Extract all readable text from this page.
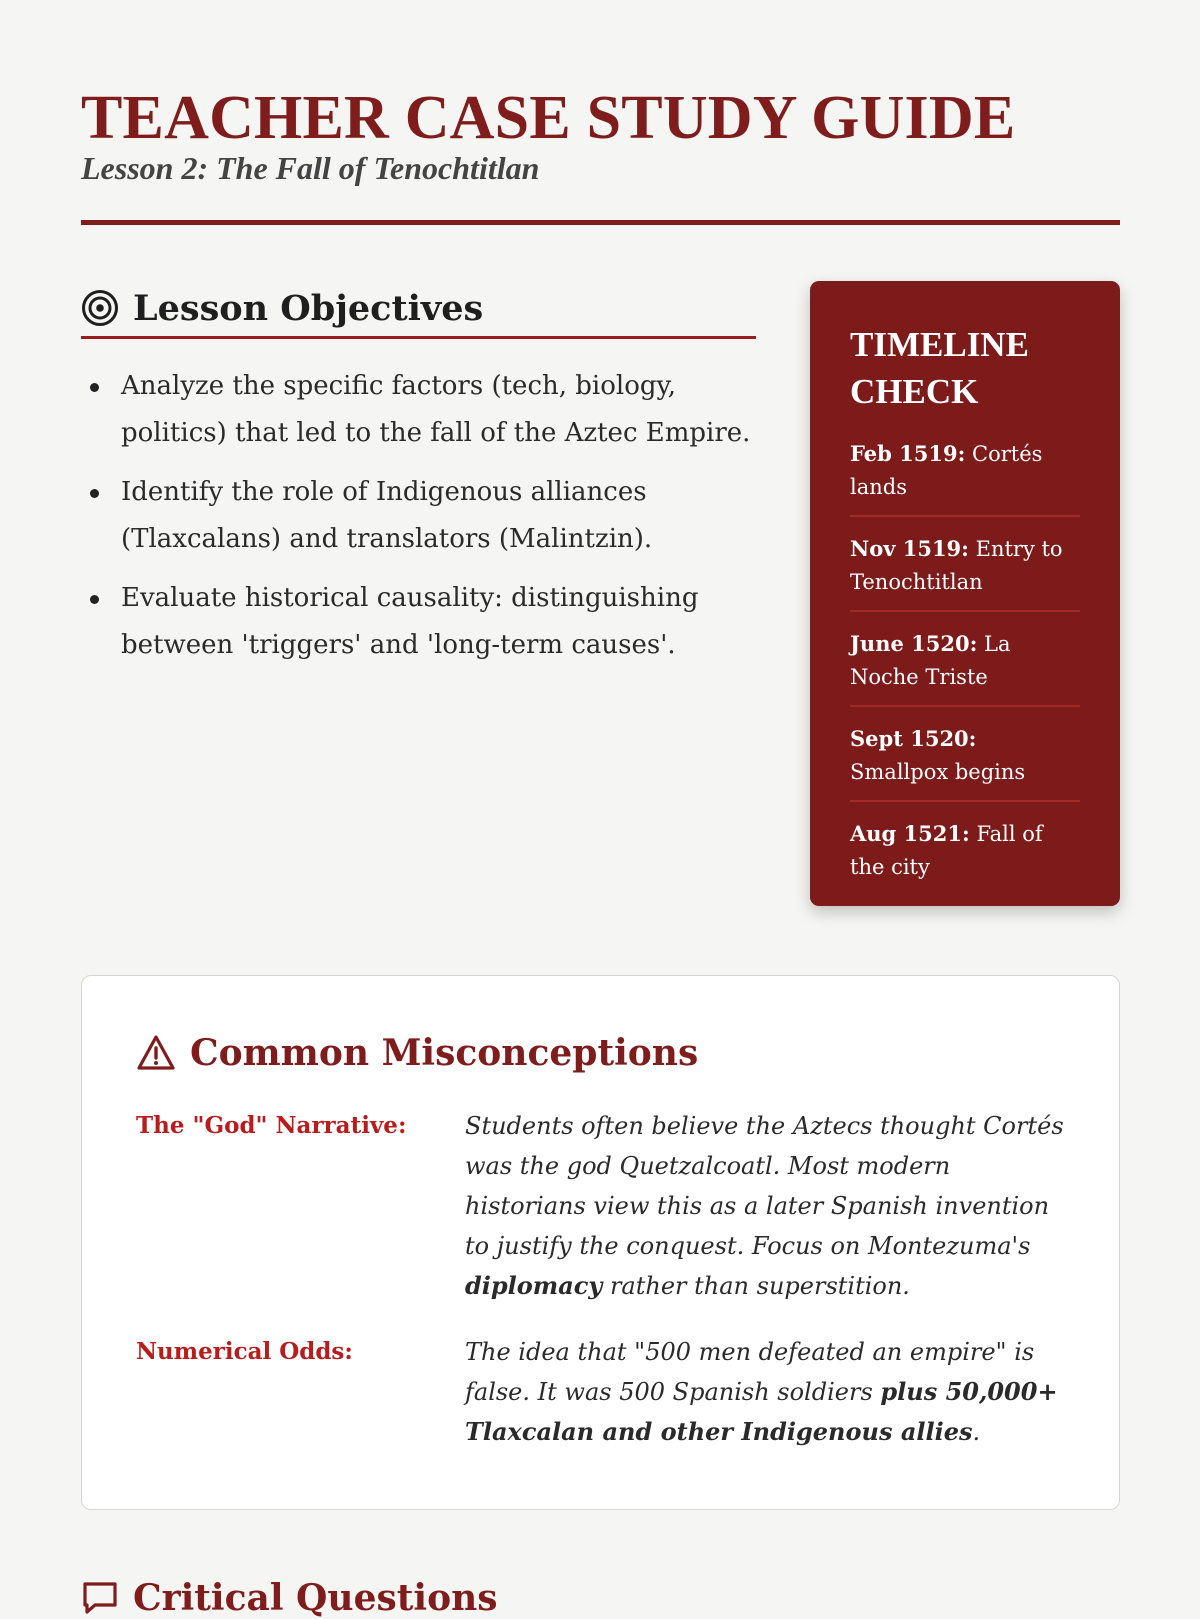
TEACHER CASE STUDY GUIDE

Lesson 2: The Fall of Tenochtitlan

Lesson Objectives
Analyze the specific factors (tech, biology, politics) that led to the fall of the Aztec Empire.
Identify the role of Indigenous alliances (Tlaxcalans) and translators (Malintzin).
Evaluate historical causality: distinguishing between 'triggers' and 'long-term causes'.
TIMELINE CHECK
Feb 1519: Cortés lands
Nov 1519: Entry to Tenochtitlan
June 1520: La Noche Triste
Sept 1520: Smallpox begins
Aug 1521: Fall of the city
Common Misconceptions
The "God" Narrative:	Students often believe the Aztecs thought Cortés was the god Quetzalcoatl. Most modern historians view this as a later Spanish invention to justify the conquest. Focus on Montezuma's diplomacy rather than superstition.
Numerical Odds:	The idea that "500 men defeated an empire" is false. It was 500 Spanish soldiers plus 50,000+ Tlaxcalan and other Indigenous allies.
Critical Questions
